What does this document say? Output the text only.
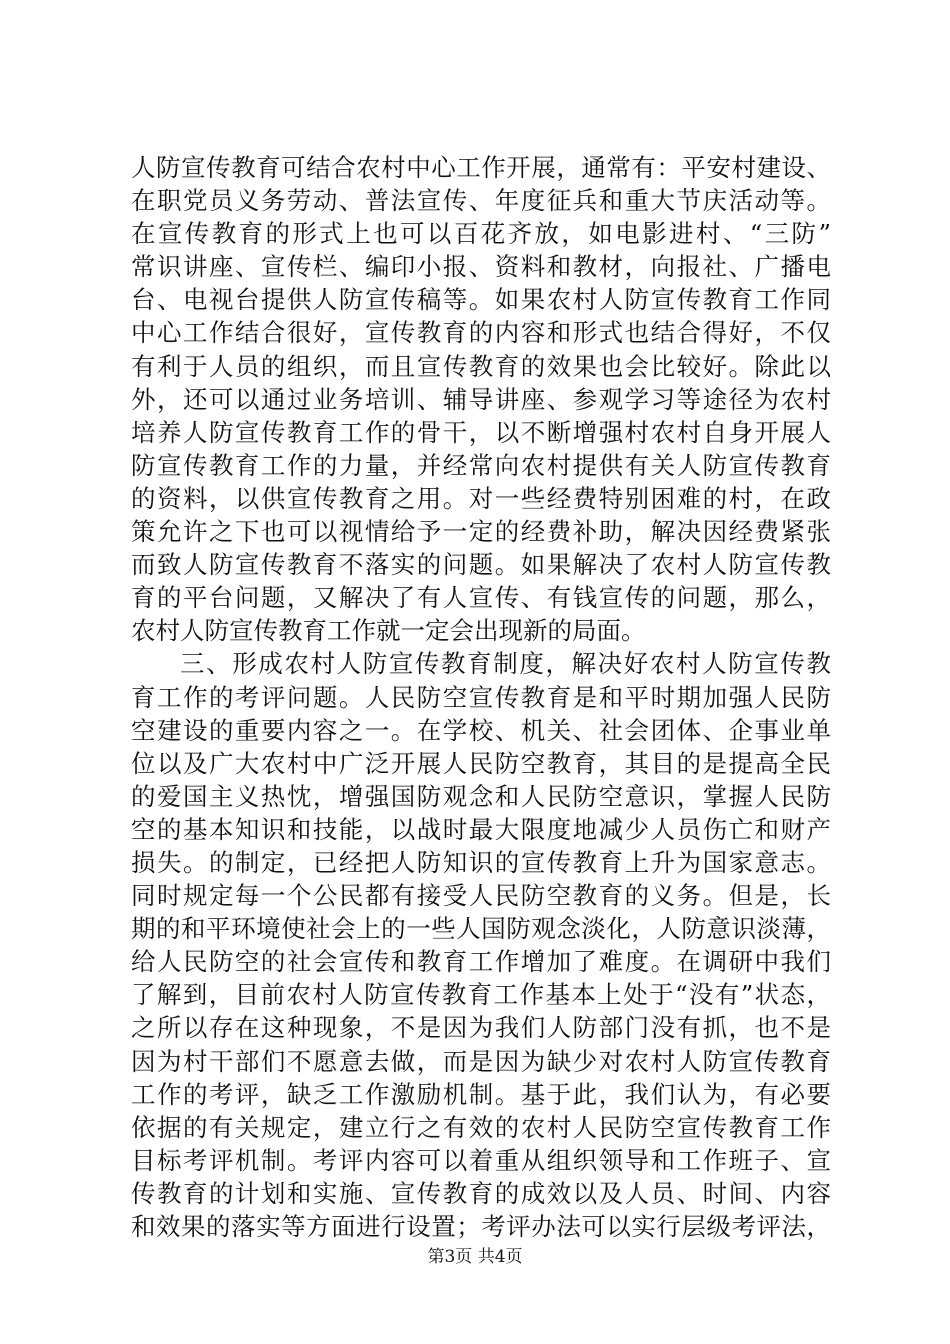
人防宣传教育可结合农村中心工作开展，通常有：平安村建设、
在职党员义务劳动、普法宣传、年度征兵和重大节庆活动等。
在宣传教育的形式上也可以百花齐放，如电影进村、“三防”
常识讲座、宣传栏、编印小报、资料和教材，向报社、广播电
台、电视台提供人防宣传稿等。如果农村人防宣传教育工作同
中心工作结合很好，宣传教育的内容和形式也结合得好，不仅
有利于人员的组织，而且宣传教育的效果也会比较好。除此以
外，还可以通过业务培训、辅导讲座、参观学习等途径为农村
培养人防宣传教育工作的骨干，以不断增强村农村自身开展人
防宣传教育工作的力量，并经常向农村提供有关人防宣传教育
的资料，以供宣传教育之用。对一些经费特别困难的村，在政
策允许之下也可以视情给予一定的经费补助，解决因经费紧张
而致人防宣传教育不落实的问题。如果解决了农村人防宣传教
育的平台问题，又解决了有人宣传、有钱宣传的问题，那么，
农村人防宣传教育工作就一定会出现新的局面。
三、形成农村人防宣传教育制度，解决好农村人防宣传教
育工作的考评问题。人民防空宣传教育是和平时期加强人民防
空建设的重要内容之一。在学校、机关、社会团体、企事业单
位以及广大农村中广泛开展人民防空教育，其目的是提高全民
的爱国主义热忱，增强国防观念和人民防空意识，掌握人民防
空的基本知识和技能，以战时最大限度地减少人员伤亡和财产
损失。的制定，已经把人防知识的宣传教育上升为国家意志。
同时规定每一个公民都有接受人民防空教育的义务。但是，长
期的和平环境使社会上的一些人国防观念淡化，人防意识淡薄，
给人民防空的社会宣传和教育工作增加了难度。在调研中我们
了解到，目前农村人防宣传教育工作基本上处于“没有”状态，
之所以存在这种现象，不是因为我们人防部门没有抓，也不是
因为村干部们不愿意去做，而是因为缺少对农村人防宣传教育
工作的考评，缺乏工作激励机制。基于此，我们认为，有必要
依据的有关规定，建立行之有效的农村人民防空宣传教育工作
目标考评机制。考评内容可以着重从组织领导和工作班子、宣
传教育的计划和实施、宣传教育的成效以及人员、时间、内容
和效果的落实等方面进行设置；考评办法可以实行层级考评法，
第3页 共4页
